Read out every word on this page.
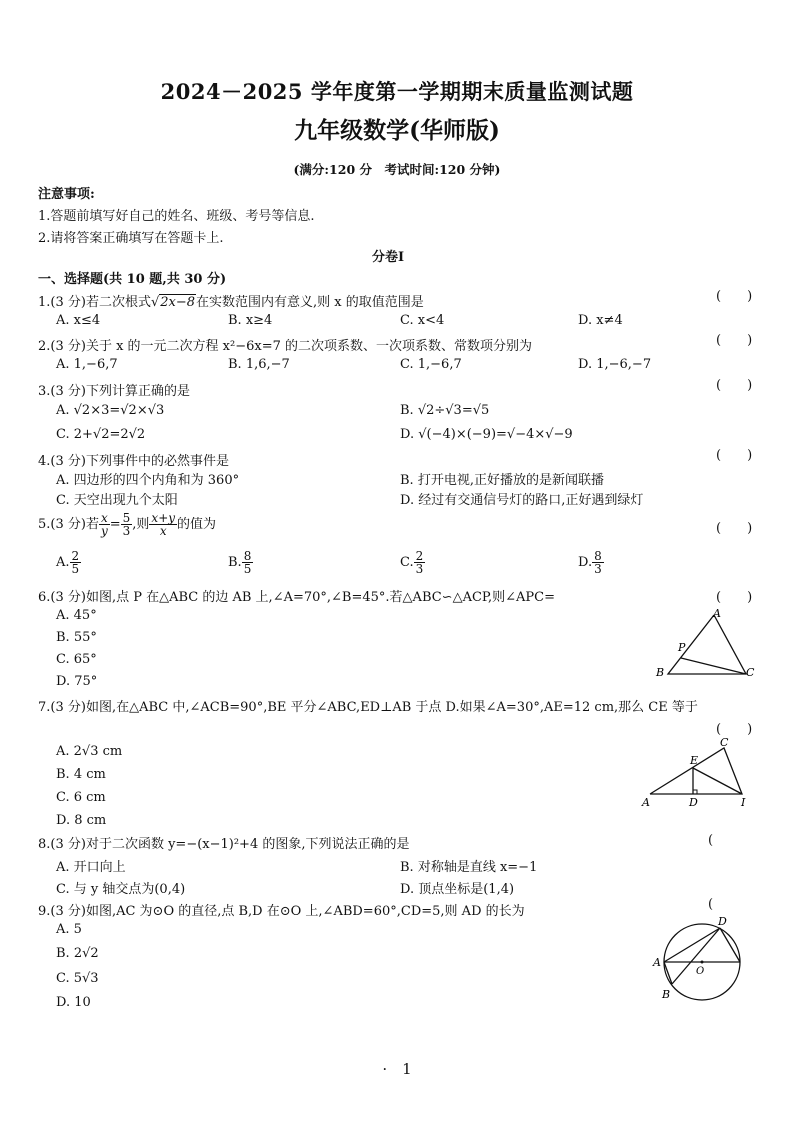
2024－2025 学年度第一学期期末质量监测试题
九年级数学(华师版)
(满分:120 分　考试时间:120 分钟)
注意事项:
1.答题前填写好自己的姓名、班级、考号等信息.
2.请将答案正确填写在答题卡上.
分卷Ⅰ
一、选择题(共 10 题,共 30 分)
1.(3 分)若二次根式√2x−8在实数范围内有意义,则 x 的取值范围是	(　　)
A. x≤4	B. x≥4	C. x<4	D. x≠4
2.(3 分)关于 x 的一元二次方程 x²−6x=7 的二次项系数、一次项系数、常数项分别为	(　　)
A. 1,−6,7	B. 1,6,−7	C. 1,−6,7	D. 1,−6,−7
3.(3 分)下列计算正确的是	(　　)
A. √2×3=√2×√3	B. √2÷√3=√5
C. 2+√2=2√2	D. √(−4)×(−9)=√−4×√−9
4.(3 分)下列事件中的必然事件是	(　　)
A. 四边形的四个内角和为 360°	B. 打开电视,正好播放的是新闻联播
C. 天空出现九个太阳	D. 经过有交通信号灯的路口,正好遇到绿灯
5.(3 分)若 $\frac{x}{y} = \frac{5}{3}$ ,则 $\frac{x+y}{x}$ 的值为	(　　)
A. $\frac{2}{5}$	B. $\frac{8}{5}$	C. $\frac{2}{3}$	D. $\frac{8}{3}$
6.(3 分)如图,点 P 在△ABC 的边 AB 上,∠A=70°,∠B=45°.若△ABC∽△ACP,则∠APC=	(　　)
A. 45°
B. 55°
C. 65°
D. 75°
A
P
B	C
7.(3 分)如图,在△ABC 中,∠ACB=90°,BE 平分∠ABC,ED⊥AB 于点 D.如果∠A=30°,AE=12 cm,那么 CE 等于
(　　)
A. 2√3 cm
B. 4 cm
C. 6 cm
D. 8 cm
C
E
A	D	I
8.(3 分)对于二次函数 y=−(x−1)²+4 的图象,下列说法正确的是	(
A. 开口向上	B. 对称轴是直线 x=−1
C. 与 y 轴交点为(0,4)	D. 顶点坐标是(1,4)
9.(3 分)如图,AC 为⊙O 的直径,点 B,D 在⊙O 上,∠ABD=60°,CD=5,则 AD 的长为	(
A. 5
B. 2√2
C. 5√3
D. 10
D
A
O
B
·　1
